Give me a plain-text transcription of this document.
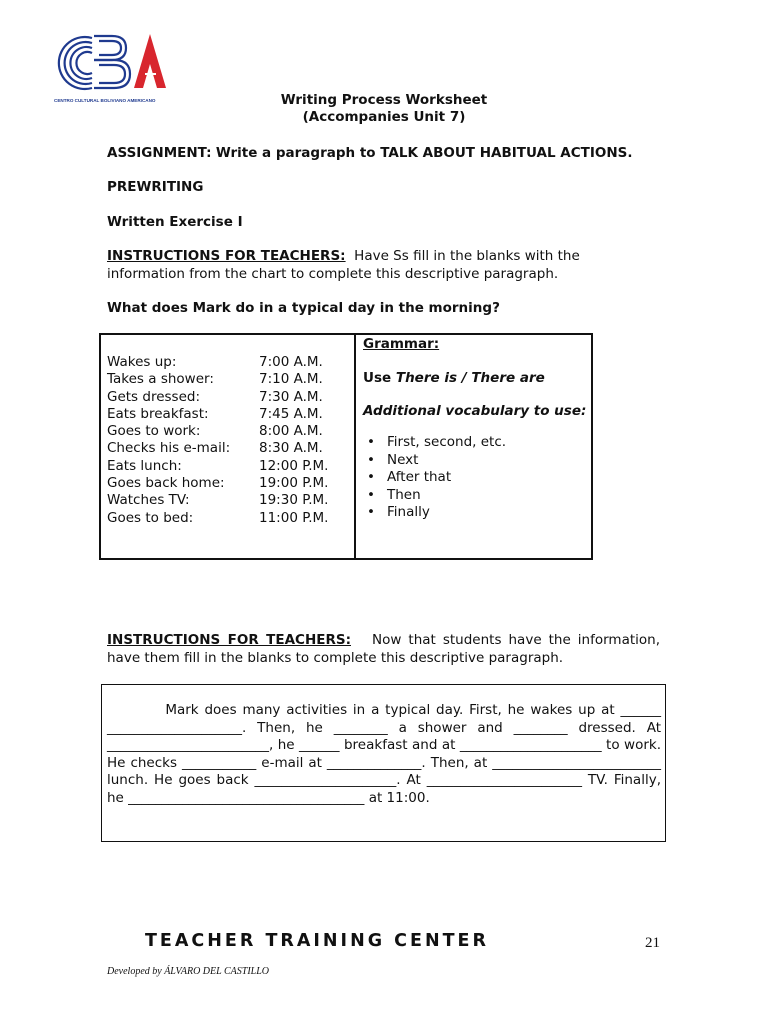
CENTRO CULTURAL BOLIVIANO AMERICANO	Writing Process Worksheet
(Accompanies Unit 7)
ASSIGNMENT: Write a paragraph to TALK ABOUT HABITUAL ACTIONS.
PREWRITING
Written Exercise I
INSTRUCTIONS FOR TEACHERS: Have Ss fill in the blanks with the
information from the chart to complete this descriptive paragraph.
What does Mark do in a typical day in the morning?
Wakes up:	7:00 A.M.
Takes a shower:	7:10 A.M.
Gets dressed:	7:30 A.M.
Eats breakfast:	7:45 A.M.
Goes to work:	8:00 A.M.
Checks his e-mail: 8:30 A.M.
Eats lunch:	12:00 P.M.
Goes back home:	19:00 P.M.
Watches TV:	19:30 P.M.
Goes to bed:	11:00 P.M.
Grammar:
Use There is / There are
Additional vocabulary to use:
• First, second, etc.
• Next
• After that
• Then
• Finally
INSTRUCTIONS FOR TEACHERS: Now that students have the information, have them fill in the blanks to complete this descriptive paragraph.
Mark does many activities in a typical day. First, he wakes up at ______ ____________________. Then, he ________ a shower and ________ dressed. At ________________________, he ______ breakfast and at _____________________ to work. He checks ___________ e-mail at ______________. Then, at _________________________ lunch. He goes back _____________________. At _______________________ TV. Finally, he ___________________________________ at 11:00.
TEACHER TRAINING CENTER	21
Developed by ÁLVARO DEL CASTILLO
